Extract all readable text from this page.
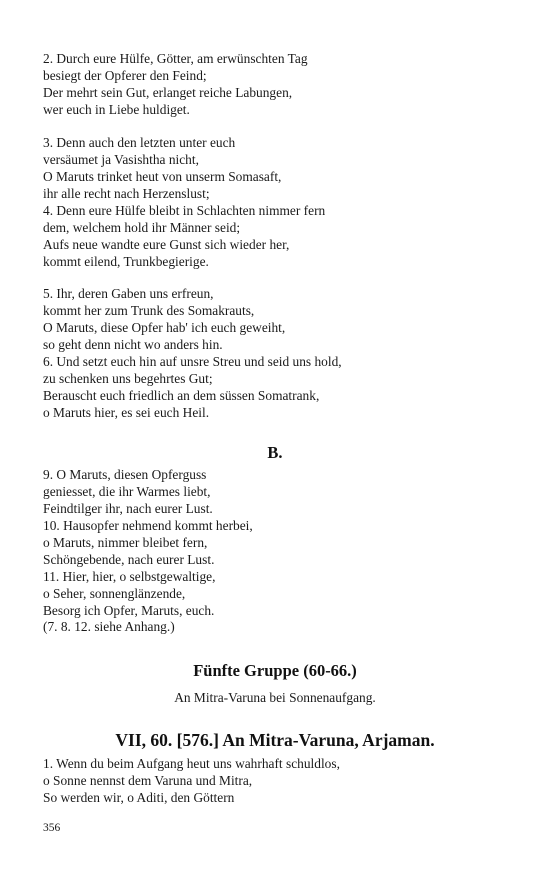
2. Durch eure Hülfe, Götter, am erwünschten Tag
besiegt der Opferer den Feind;
Der mehrt sein Gut, erlanget reiche Labungen,
wer euch in Liebe huldiget.
3. Denn auch den letzten unter euch
versäumet ja Vasishtha nicht,
O Maruts trinket heut von unserm Somasaft,
ihr alle recht nach Herzenslust;
4. Denn eure Hülfe bleibt in Schlachten nimmer fern
dem, welchem hold ihr Männer seid;
Aufs neue wandte eure Gunst sich wieder her,
kommt eilend, Trunkbegierige.
5. Ihr, deren Gaben uns erfreun,
kommt her zum Trunk des Somakrauts,
O Maruts, diese Opfer hab' ich euch geweiht,
so geht denn nicht wo anders hin.
6. Und setzt euch hin auf unsre Streu und seid uns hold,
zu schenken uns begehrtes Gut;
Berauscht euch friedlich an dem süssen Somatrank,
o Maruts hier, es sei euch Heil.
B.
9. O Maruts, diesen Opferguss
geniesset, die ihr Warmes liebt,
Feindtilger ihr, nach eurer Lust.
10. Hausopfer nehmend kommt herbei,
o Maruts, nimmer bleibet fern,
Schöngebende, nach eurer Lust.
11. Hier, hier, o selbstgewaltige,
o Seher, sonnenglänzende,
Besorg ich Opfer, Maruts, euch.
(7. 8. 12. siehe Anhang.)
Fünfte Gruppe (60-66.)
An Mitra-Varuna bei Sonnenaufgang.
VII, 60. [576.] An Mitra-Varuna, Arjaman.
1. Wenn du beim Aufgang heut uns wahrhaft schuldlos,
o Sonne nennst dem Varuna und Mitra,
So werden wir, o Aditi, den Göttern
356
